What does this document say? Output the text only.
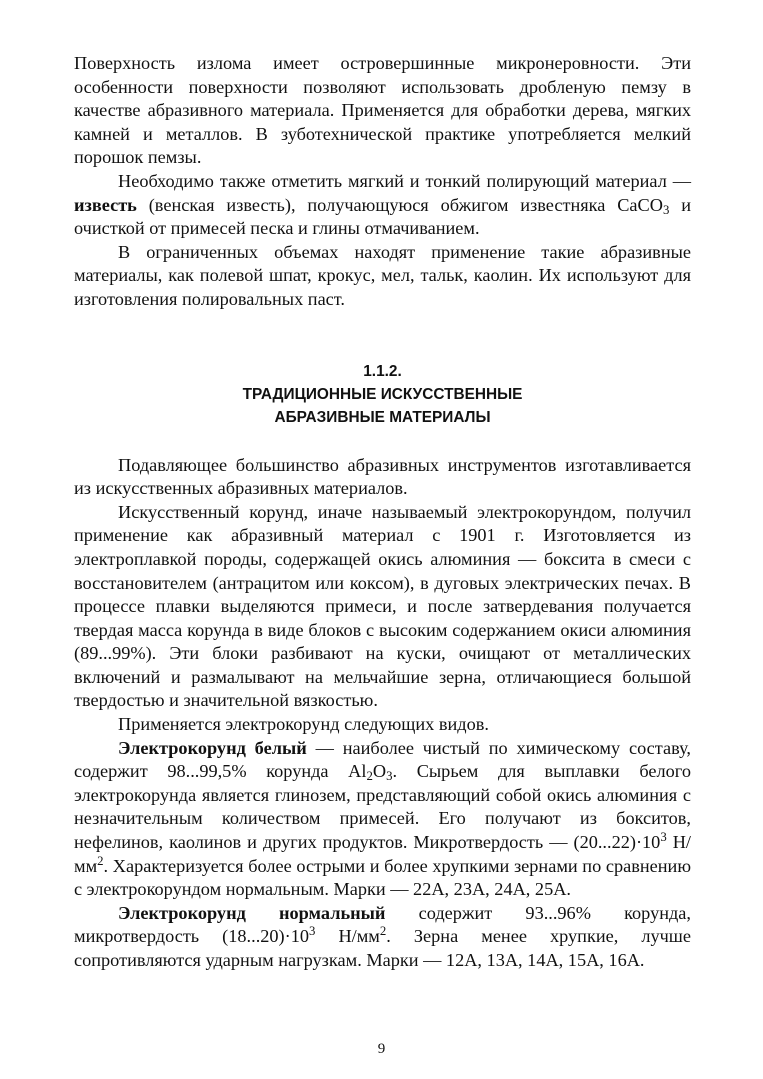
Поверхность излома имеет островершинные микронеровности. Эти особенности поверхности позволяют использовать дробленую пемзу в качестве абразивного материала. Применяется для обработки дерева, мягких камней и металлов. В зуботехнической практике употребляется мелкий порошок пемзы.

Необходимо также отметить мягкий и тонкий полирующий материал — известь (венская известь), получающуюся обжигом известняка CaCO$_3$ и очисткой от примесей песка и глины отмачиванием.

В ограниченных объемах находят применение такие абразивные материалы, как полевой шпат, крокус, мел, тальк, каолин. Их используют для изготовления полировальных паст.

1.1.2.
ТРАДИЦИОННЫЕ ИСКУССТВЕННЫЕ
АБРАЗИВНЫЕ МАТЕРИАЛЫ

Подавляющее большинство абразивных инструментов изготавливается из искусственных абразивных материалов.

Искусственный корунд, иначе называемый электрокорундом, получил применение как абразивный материал с 1901 г. Изготовляется из электроплавкой породы, содержащей окись алюминия — боксита в смеси с восстановителем (антрацитом или коксом), в дуговых электрических печах. В процессе плавки выделяются примеси, и после затвердевания получается твердая масса корунда в виде блоков с высоким содержанием окиси алюминия (89...99%). Эти блоки разбивают на куски, очищают от металлических включений и размалывают на мельчайшие зерна, отличающиеся большой твердостью и значительной вязкостью.

Применяется электрокорунд следующих видов.

Электрокорунд белый — наиболее чистый по химическому составу, содержит 98...99,5% корунда $Al_2O_3$. Сырьем для выплавки белого электрокорунда является глинозем, представляющий собой окись алюминия с незначительным количеством примесей. Его получают из бокситов, нефелинов, каолинов и других продуктов. Микротвердость — $(20...22)\cdot 10^3$ $Н/мм^2$. Характеризуется более острыми и более хрупкими зернами по сравнению с электрокорундом нормальным. Марки — 22А, 23А, 24А, 25А.

Электрокорунд нормальный содержит 93...96% корунда, микротвердость $(18...20)\cdot 10^3$ $Н/мм^2$. Зерна менее хрупкие, лучше сопротивляются ударным нагрузкам. Марки — 12А, 13А, 14А, 15А, 16А.

9
